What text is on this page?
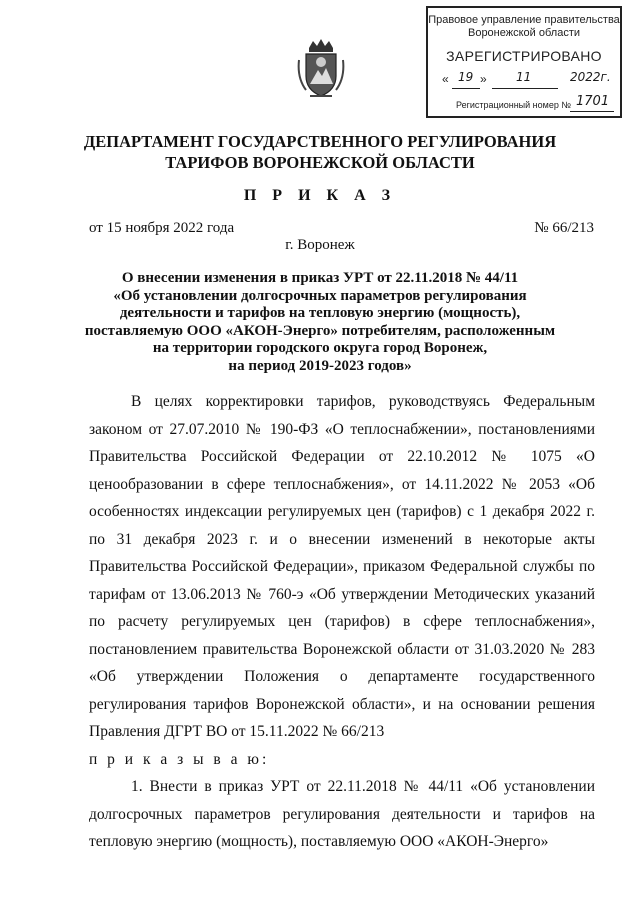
Правовое управление правительства
Воронежской области
ЗАРЕГИСТРИРОВАНО
« 19 » 11	2022г.
Регистрационный номер № 1701
ДЕПАРТАМЕНТ ГОСУДАРСТВЕННОГО РЕГУЛИРОВАНИЯ
ТАРИФОВ ВОРОНЕЖСКОЙ ОБЛАСТИ
П Р И К А З
от 15 ноября 2022 года	№ 66/213
г. Воронеж
О внесении изменения в приказ УРТ от 22.11.2018 № 44/11
«Об установлении долгосрочных параметров регулирования
деятельности и тарифов на тепловую энергию (мощность),
поставляемую ООО «АКОН-Энерго» потребителям, расположенным
на территории городского округа город Воронеж,
на период 2019-2023 годов»

В целях корректировки тарифов, руководствуясь Федеральным законом от 27.07.2010 № 190-ФЗ «О теплоснабжении», постановлениями Правительства Российской Федерации от 22.10.2012 № 1075 «О ценообразовании в сфере теплоснабжения», от 14.11.2022 № 2053 «Об особенностях индексации регулируемых цен (тарифов) с 1 декабря 2022 г. по 31 декабря 2023 г. и о внесении изменений в некоторые акты Правительства Российской Федерации», приказом Федеральной службы по тарифам от 13.06.2013 № 760-э «Об утверждении Методических указаний по расчету регулируемых цен (тарифов) в сфере теплоснабжения», постановлением правительства Воронежской области от 31.03.2020 № 283 «Об утверждении Положения о департаменте государственного регулирования тарифов Воронежской области», и на основании решения Правления ДГРТ ВО от 15.11.2022 № 66/213

п р и к а з ы в а ю:

1. Внести в приказ УРТ от 22.11.2018 № 44/11 «Об установлении долгосрочных параметров регулирования деятельности и тарифов на тепловую энергию (мощность), поставляемую ООО «АКОН-Энерго»
